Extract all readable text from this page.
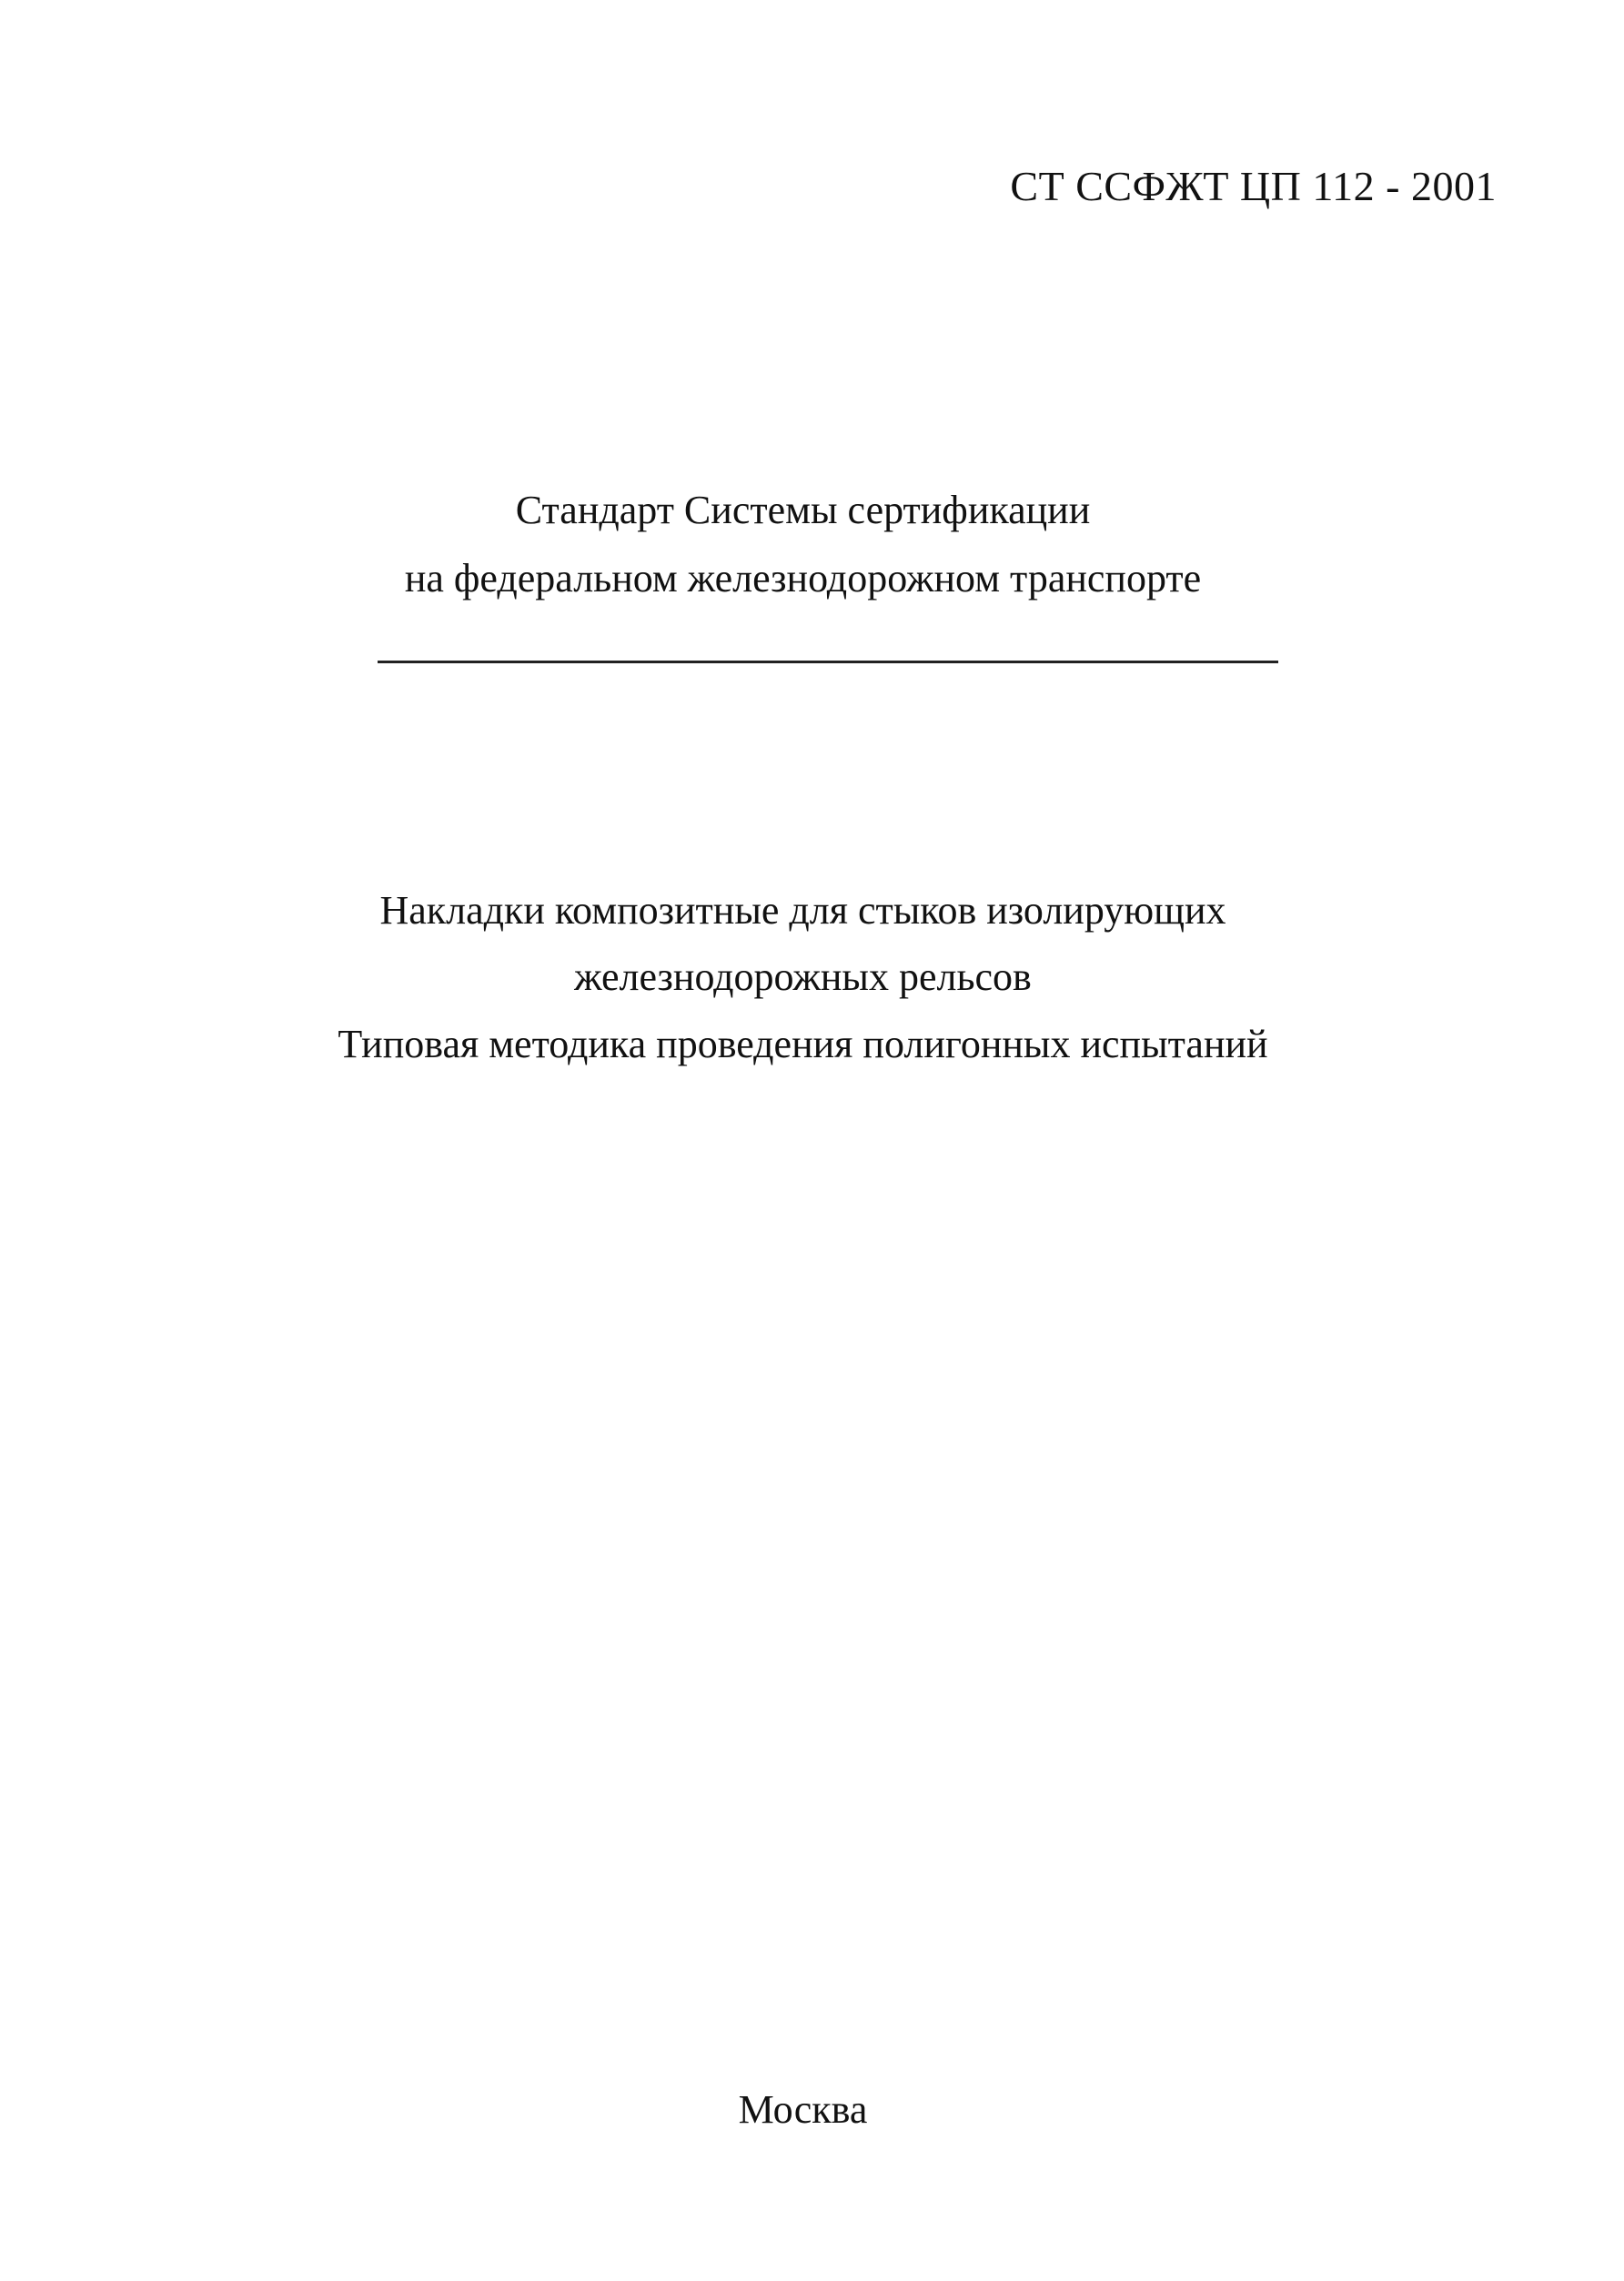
СТ ССФЖТ ЦП 112 - 2001
Стандарт Системы сертификации
на федеральном железнодорожном транспорте
Накладки композитные для стыков изолирующих
железнодорожных рельсов
Типовая методика проведения полигонных испытаний
Москва
